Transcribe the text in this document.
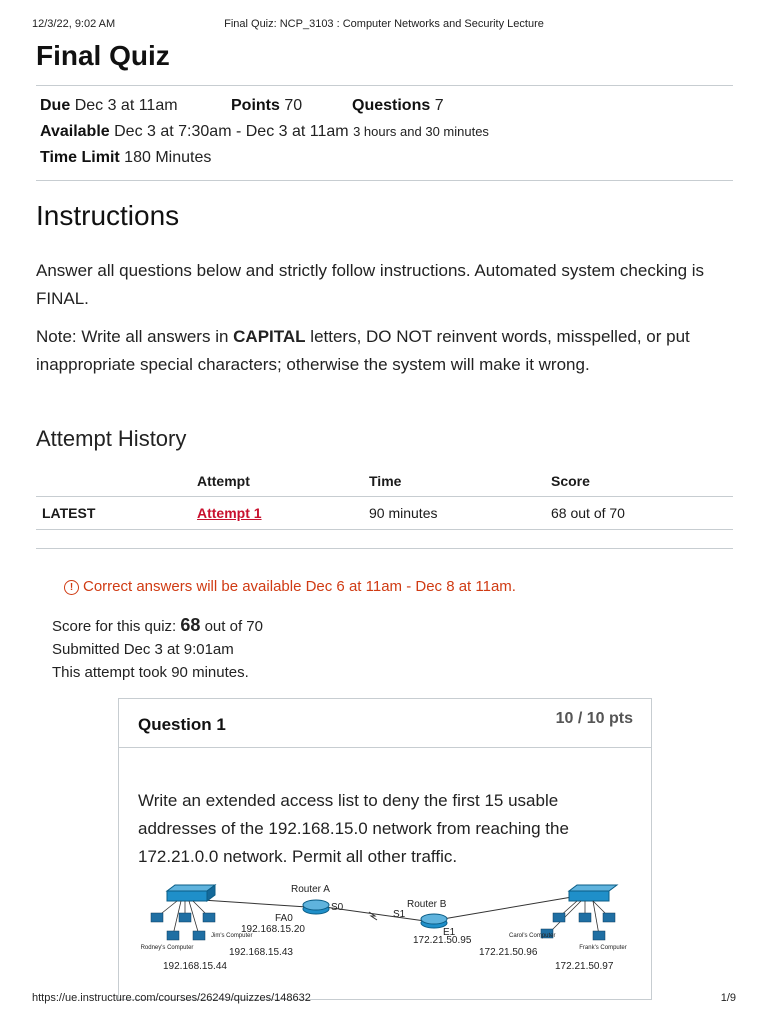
12/3/22, 9:02 AM	Final Quiz: NCP_3103 : Computer Networks and Security Lecture
Final Quiz
Due Dec 3 at 11am	Points 70	Questions 7
Available Dec 3 at 7:30am - Dec 3 at 11am 3 hours and 30 minutes
Time Limit 180 Minutes
Instructions
Answer all questions below and strictly follow instructions. Automated system checking is FINAL.
Note: Write all answers in CAPITAL letters, DO NOT reinvent words, misspelled, or put inappropriate special characters; otherwise the system will make it wrong.
Attempt History
	Attempt	Time	Score
LATEST	Attempt 1	90 minutes	68 out of 70
! Correct answers will be available Dec 6 at 11am - Dec 8 at 11am.
Score for this quiz: 68 out of 70
Submitted Dec 3 at 9:01am
This attempt took 90 minutes.
Question 1	10 / 10 pts
Write an extended access list to deny the first 15 usable addresses of the 192.168.15.0 network from reaching the 172.21.0.0 network. Permit all other traffic.
Rodney's Computer
192.168.15.44
Jim's Computer
192.168.15.43
Router A
S0
FA0
192.168.15.20
Router B
S1
E1
172.21.50.95	Carol's Computer
172.21.50.96	Frank's Computer
172.21.50.97
https://ue.instructure.com/courses/26249/quizzes/148632	1/9
